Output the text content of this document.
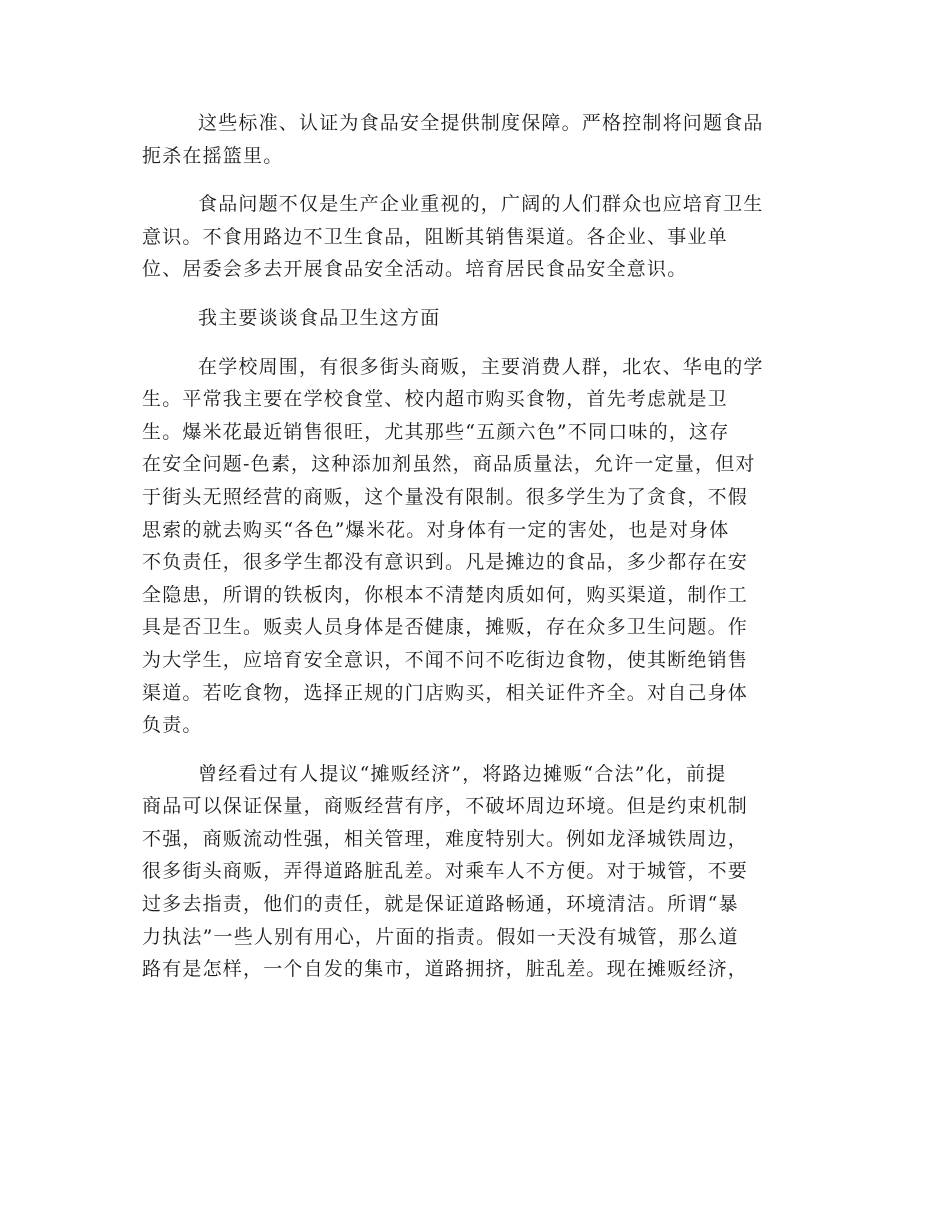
这些标准、认证为食品安全提供制度保障。严格控制将问题食品
扼杀在摇篮里。
食品问题不仅是生产企业重视的，广阔的人们群众也应培育卫生
意识。不食用路边不卫生食品，阻断其销售渠道。各企业、事业单
位、居委会多去开展食品安全活动。培育居民食品安全意识。
我主要谈谈食品卫生这方面
在学校周围，有很多街头商贩，主要消费人群，北农、华电的学
生。平常我主要在学校食堂、校内超市购买食物，首先考虑就是卫
生。爆米花最近销售很旺，尤其那些“五颜六色”不同口味的，这存
在安全问题-色素，这种添加剂虽然，商品质量法，允许一定量，但对
于街头无照经营的商贩，这个量没有限制。很多学生为了贪食，不假
思索的就去购买“各色”爆米花。对身体有一定的害处，也是对身体
不负责任，很多学生都没有意识到。凡是摊边的食品，多少都存在安
全隐患，所谓的铁板肉，你根本不清楚肉质如何，购买渠道，制作工
具是否卫生。贩卖人员身体是否健康，摊贩，存在众多卫生问题。作
为大学生，应培育安全意识，不闻不问不吃街边食物，使其断绝销售
渠道。若吃食物，选择正规的门店购买，相关证件齐全。对自己身体
负责。
曾经看过有人提议“摊贩经济”，将路边摊贩“合法”化，前提
商品可以保证保量，商贩经营有序，不破坏周边环境。但是约束机制
不强，商贩流动性强，相关管理，难度特别大。例如龙泽城铁周边，
很多街头商贩，弄得道路脏乱差。对乘车人不方便。对于城管，不要
过多去指责，他们的责任，就是保证道路畅通，环境清洁。所谓“暴
力执法”一些人别有用心，片面的指责。假如一天没有城管，那么道
路有是怎样，一个自发的集市，道路拥挤，脏乱差。现在摊贩经济，
